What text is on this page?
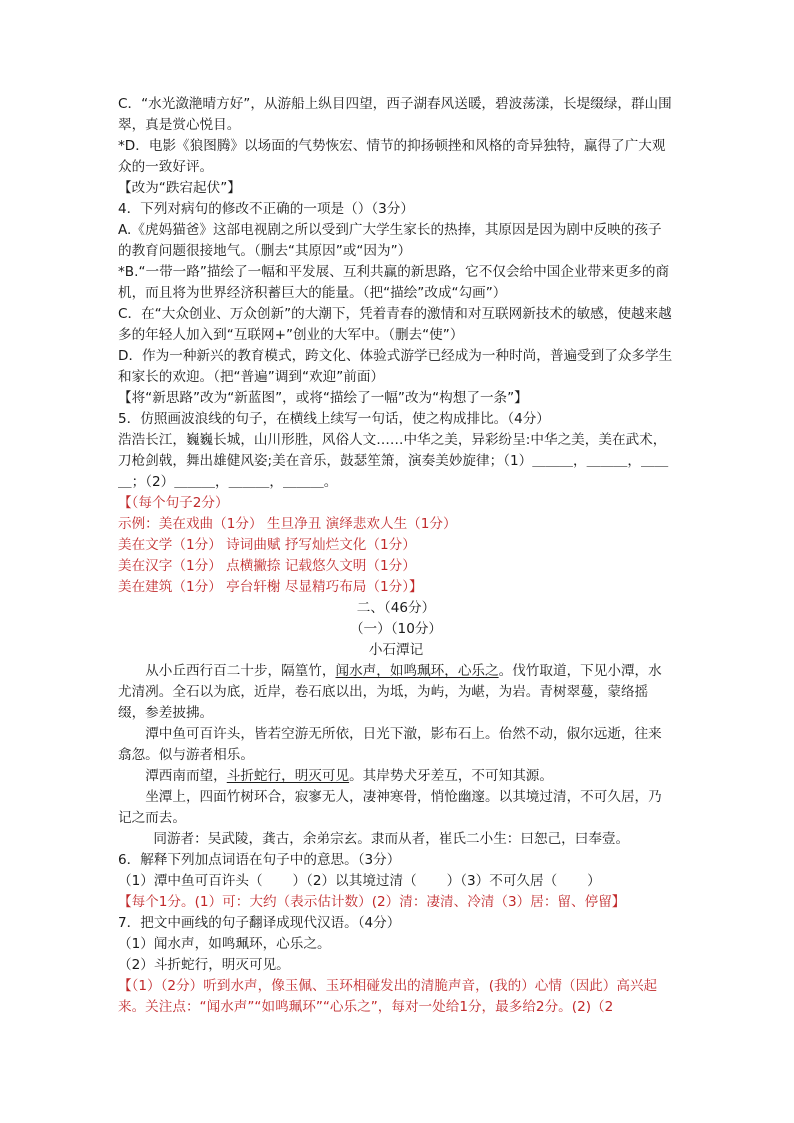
C．“水光潋滟晴方好”，从游船上纵目四望，西子湖春风送暖，碧波荡漾，长堤缀绿，群山围翠，真是赏心悦目。

*D．电影《狼图腾》以场面的气势恢宏、情节的抑扬顿挫和风格的奇异独特，赢得了广大观众的一致好评。

【改为“跌宕起伏”】

4．下列对病句的修改不正确的一项是（）（3分）

A.《虎妈猫爸》这部电视剧之所以受到广大学生家长的热捧，其原因是因为剧中反映的孩子的教育问题很接地气。（删去“其原因”或“因为”）

*B.“一带一路”描绘了一幅和平发展、互利共赢的新思路，它不仅会给中国企业带来更多的商机，而且将为世界经济积蓄巨大的能量。（把“描绘”改成“勾画”）

C．在“大众创业、万众创新”的大潮下，凭着青春的激情和对互联网新技术的敏感，使越来越多的年轻人加入到“互联网+”创业的大军中。（删去“使”）

D．作为一种新兴的教育模式，跨文化、体验式游学已经成为一种时尚，普遍受到了众多学生和家长的欢迎。（把“普遍”调到“欢迎”前面）

【将“新思路”改为“新蓝图”，或将“描绘了一幅”改为“构想了一条”】

5．仿照画波浪线的句子，在横线上续写一句话，使之构成排比。（4分）

浩浩长江，巍巍长城，山川形胜，风俗人文……中华之美，异彩纷呈:中华之美，美在武术，刀枪剑戟，舞出雄健风姿;美在音乐，鼓瑟笙箫，演奏美妙旋律；（1）＿＿＿，＿＿＿，＿＿＿；（2）＿＿＿，＿＿＿，＿＿＿。

【（每个句子2分）

示例：美在戏曲（1分） 生旦净丑 演绎悲欢人生（1分）

美在文学（1分） 诗词曲赋 抒写灿烂文化（1分）

美在汉字（1分） 点横撇捺 记载悠久文明（1分）

美在建筑（1分） 亭台轩榭 尽显精巧布局（1分）】

二、（46分）

（一）（10分）

小石潭记

从小丘西行百二十步，隔篁竹，闻水声，如鸣珮环，心乐之。伐竹取道，下见小潭，水尤清冽。全石以为底，近岸，卷石底以出，为坻，为屿，为嵁，为岩。青树翠蔓，蒙络摇缀，参差披拂。

潭中鱼可百许头，皆若空游无所依，日光下澈，影布石上。佁然不动，俶尔远逝，往来翕忽。似与游者相乐。

潭西南而望，斗折蛇行，明灭可见。其岸势犬牙差互，不可知其源。

坐潭上，四面竹树环合，寂寥无人，凄神寒骨，悄怆幽邃。以其境过清，不可久居，乃记之而去。

同游者：吴武陵，龚古，余弟宗玄。隶而从者，崔氏二小生：曰恕己，曰奉壹。

6．解释下列加点词语在句子中的意思。（3分）

（1）潭中鱼可百许头（ ）（2）以其境过清（ ）（3）不可久居（ ）

【每个1分。(1）可：大约（表示估计数）(2）清：凄清、冷清（3）居：留、停留】

7．把文中画线的句子翻译成现代汉语。（4分）

（1）闻水声，如鸣珮环，心乐之。

（2）斗折蛇行，明灭可见。

【（1）（2分）听到水声，像玉佩、玉环相碰发出的清脆声音，(我的）心情（因此）高兴起来。关注点：“闻水声”“如鸣珮环”“心乐之”，每对一处给1分，最多给2分。(2)（2
